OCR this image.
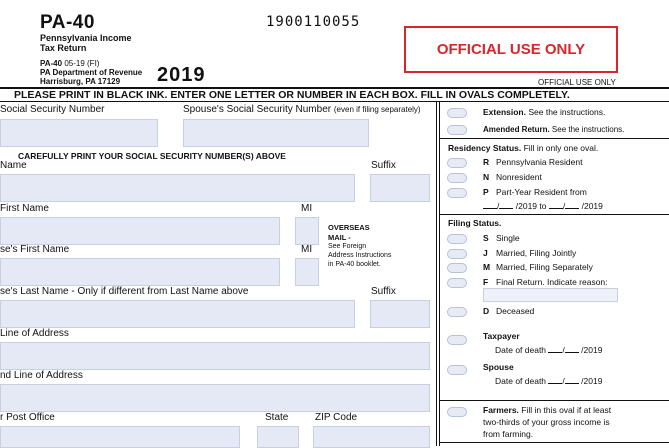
PA-40
Pennsylvania Income
Tax Return
PA-40 05-19 (FI)
PA Department of Revenue
Harrisburg, PA 17129 2019
1900110055
OFFICIAL USE ONLY
OFFICIAL USE ONLY
PLEASE PRINT IN BLACK INK. ENTER ONE LETTER OR NUMBER IN EACH BOX. FILL IN OVALS COMPLETELY.
Social Security Number	Spouse's Social Security Number (even if filing separately)
CAREFULLY PRINT YOUR SOCIAL SECURITY NUMBER(S) ABOVE
Name	Suffix
First Name	MI
OVERSEAS
MAIL -
See Foreign
Address Instructions
in PA-40 booklet.
se's First Name	MI
se's Last Name - Only if different from Last Name above	Suffix
Line of Address
nd Line of Address
r Post Office	State	ZIP Code
Extension. See the instructions.
Amended Return. See the instructions.
Residency Status. Fill in only one oval.
R Pennsylvania Resident
N Nonresident
P Part-Year Resident from
/ /2019 to / /2019
Filing Status.
S Single
J Married, Filing Jointly
M Married, Filing Separately
F Final Return. Indicate reason:
D Deceased
Taxpayer
Date of death / /2019
Spouse
Date of death / /2019
Farmers. Fill in this oval if at least
two-thirds of your gross income is
from farming.
